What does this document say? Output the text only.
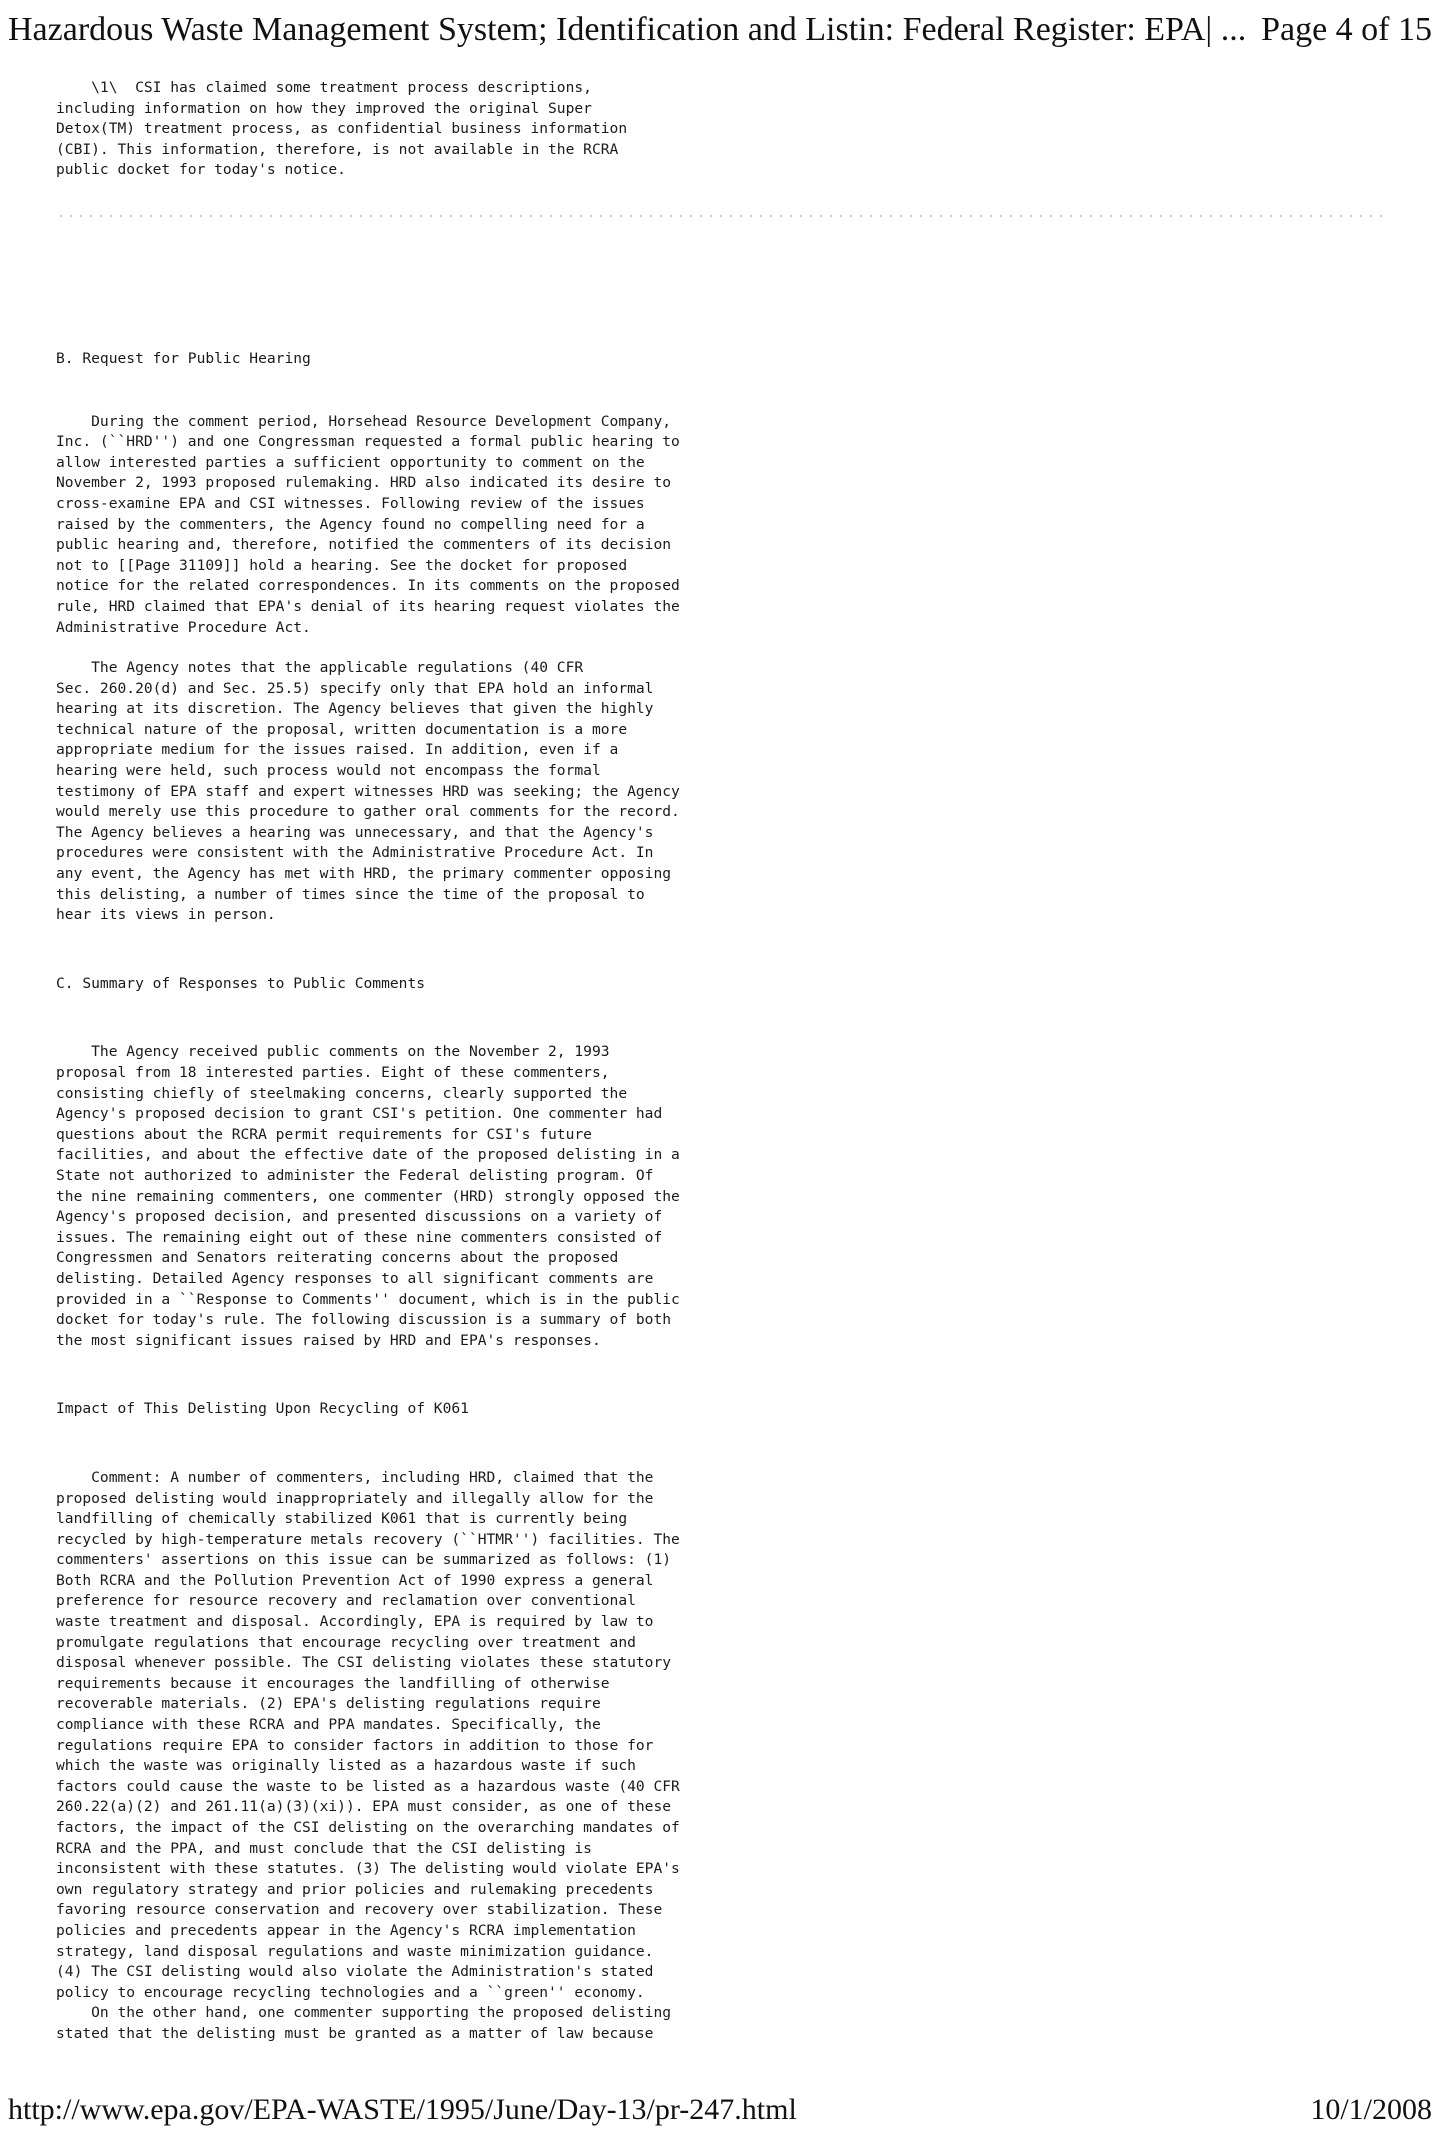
Hazardous Waste Management System; Identification and Listin: Federal Register: EPA| ... Page 4 of 15
\1\  CSI has claimed some treatment process descriptions,
including information on how they improved the original Super
Detox(TM) treatment process, as confidential business information
(CBI). This information, therefore, is not available in the RCRA
public docket for today's notice.
B. Request for Public Hearing
During the comment period, Horsehead Resource Development Company,
Inc. (``HRD'') and one Congressman requested a formal public hearing to
allow interested parties a sufficient opportunity to comment on the
November 2, 1993 proposed rulemaking. HRD also indicated its desire to
cross-examine EPA and CSI witnesses. Following review of the issues
raised by the commenters, the Agency found no compelling need for a
public hearing and, therefore, notified the commenters of its decision
not to [[Page 31109]] hold a hearing. See the docket for proposed
notice for the related correspondences. In its comments on the proposed
rule, HRD claimed that EPA's denial of its hearing request violates the
Administrative Procedure Act.
The Agency notes that the applicable regulations (40 CFR
Sec. 260.20(d) and Sec. 25.5) specify only that EPA hold an informal
hearing at its discretion. The Agency believes that given the highly
technical nature of the proposal, written documentation is a more
appropriate medium for the issues raised. In addition, even if a
hearing were held, such process would not encompass the formal
testimony of EPA staff and expert witnesses HRD was seeking; the Agency
would merely use this procedure to gather oral comments for the record.
The Agency believes a hearing was unnecessary, and that the Agency's
procedures were consistent with the Administrative Procedure Act. In
any event, the Agency has met with HRD, the primary commenter opposing
this delisting, a number of times since the time of the proposal to
hear its views in person.
C. Summary of Responses to Public Comments
The Agency received public comments on the November 2, 1993
proposal from 18 interested parties. Eight of these commenters,
consisting chiefly of steelmaking concerns, clearly supported the
Agency's proposed decision to grant CSI's petition. One commenter had
questions about the RCRA permit requirements for CSI's future
facilities, and about the effective date of the proposed delisting in a
State not authorized to administer the Federal delisting program. Of
the nine remaining commenters, one commenter (HRD) strongly opposed the
Agency's proposed decision, and presented discussions on a variety of
issues. The remaining eight out of these nine commenters consisted of
Congressmen and Senators reiterating concerns about the proposed
delisting. Detailed Agency responses to all significant comments are
provided in a ``Response to Comments'' document, which is in the public
docket for today's rule. The following discussion is a summary of both
the most significant issues raised by HRD and EPA's responses.
Impact of This Delisting Upon Recycling of K061
Comment: A number of commenters, including HRD, claimed that the
proposed delisting would inappropriately and illegally allow for the
landfilling of chemically stabilized K061 that is currently being
recycled by high-temperature metals recovery (``HTMR'') facilities. The
commenters' assertions on this issue can be summarized as follows: (1)
Both RCRA and the Pollution Prevention Act of 1990 express a general
preference for resource recovery and reclamation over conventional
waste treatment and disposal. Accordingly, EPA is required by law to
promulgate regulations that encourage recycling over treatment and
disposal whenever possible. The CSI delisting violates these statutory
requirements because it encourages the landfilling of otherwise
recoverable materials. (2) EPA's delisting regulations require
compliance with these RCRA and PPA mandates. Specifically, the
regulations require EPA to consider factors in addition to those for
which the waste was originally listed as a hazardous waste if such
factors could cause the waste to be listed as a hazardous waste (40 CFR
260.22(a)(2) and 261.11(a)(3)(xi)). EPA must consider, as one of these
factors, the impact of the CSI delisting on the overarching mandates of
RCRA and the PPA, and must conclude that the CSI delisting is
inconsistent with these statutes. (3) The delisting would violate EPA's
own regulatory strategy and prior policies and rulemaking precedents
favoring resource conservation and recovery over stabilization. These
policies and precedents appear in the Agency's RCRA implementation
strategy, land disposal regulations and waste minimization guidance.
(4) The CSI delisting would also violate the Administration's stated
policy to encourage recycling technologies and a ``green'' economy.
On the other hand, one commenter supporting the proposed delisting
stated that the delisting must be granted as a matter of law because
http://www.epa.gov/EPA-WASTE/1995/June/Day-13/pr-247.html	10/1/2008
